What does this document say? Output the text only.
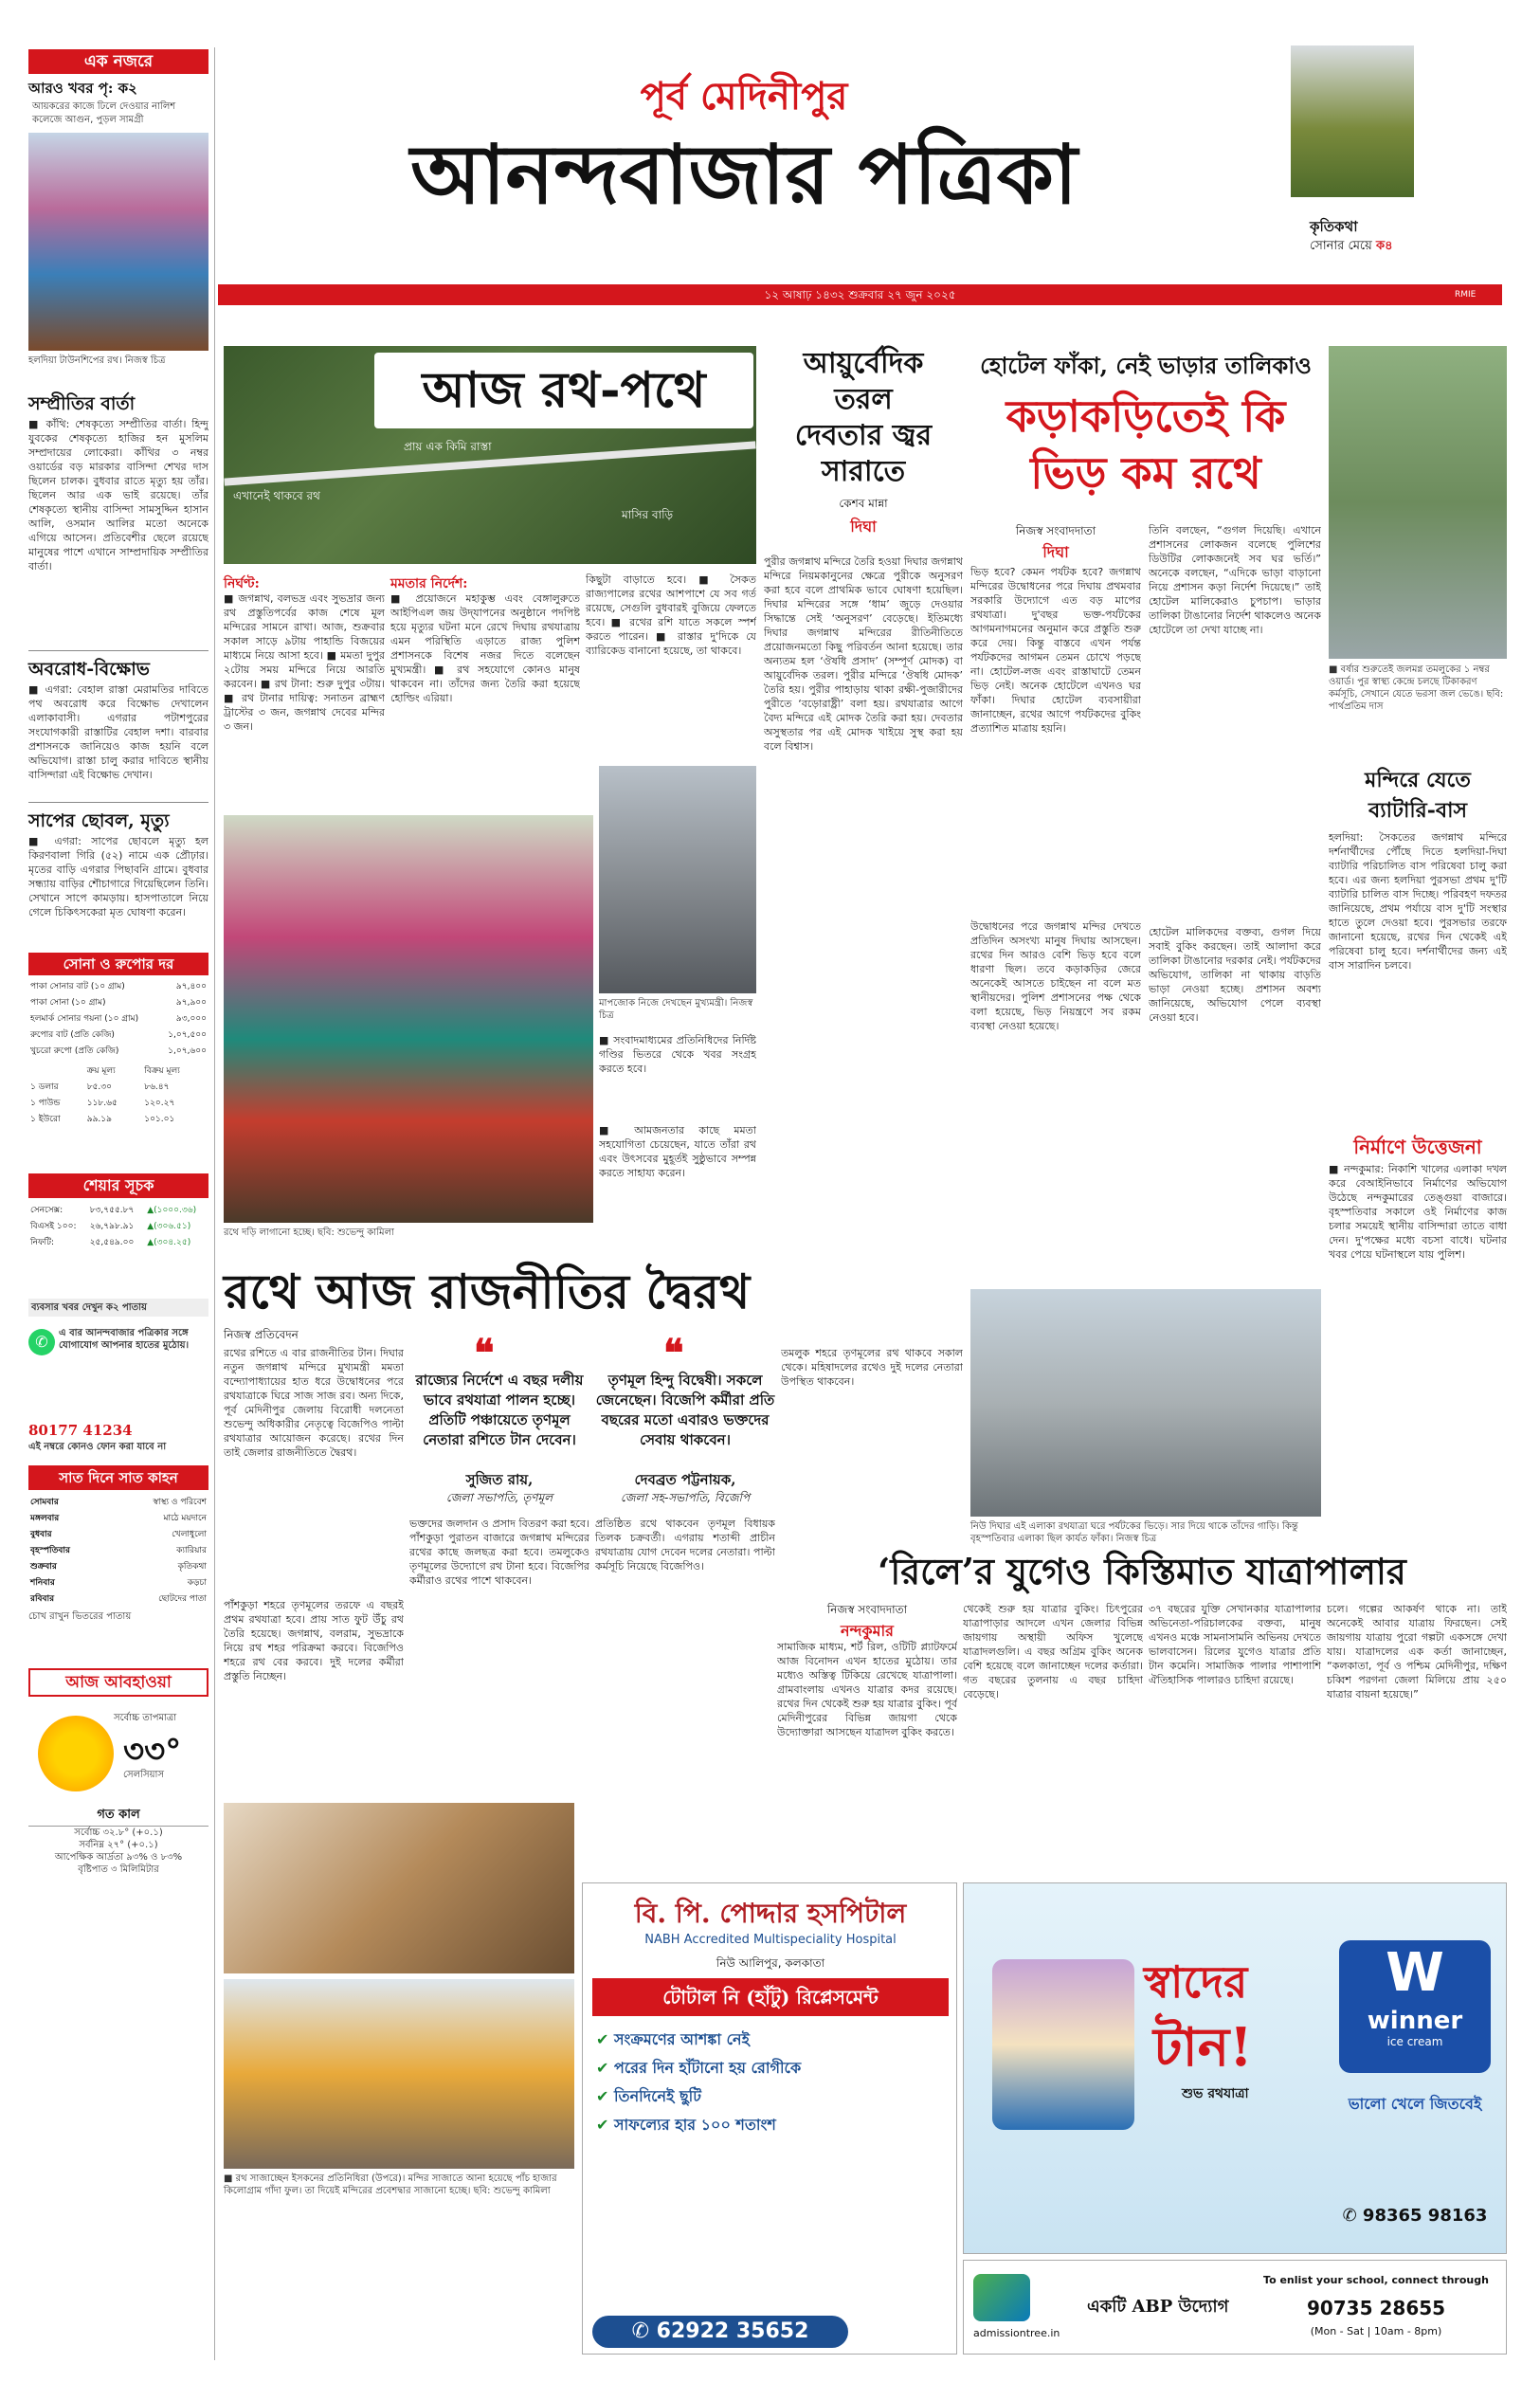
এক নজরে
আরও খবর পৃ: ক২
আয়করের কাজে ঢিলে দেওয়ার নালিশ
কলেজে আগুন, পুড়ল সামগ্রী
হলদিয়া টাউনশিপের রথ। নিজস্ব চিত্র
সম্প্রীতির বার্তা
■ কাঁথি: শেষকৃত্যে সম্প্রীতির বার্তা। হিন্দু যুবকের শেষকৃত্যে হাজির হন মুসলিম সম্প্রদায়ের লোকেরা। কাঁথির ৩ নম্বর ওয়ার্ডের বড় মারকার বাসিন্দা শেখর দাস ছিলেন চালক। বুধবার রাতে মৃত্যু হয় তাঁর। ছিলেন আর এক ভাই রয়েছে। তাঁর শেষকৃত্যে স্থানীয় বাসিন্দা সামসুদ্দিন হাসান আলি, ওসমান আলির মতো অনেকে এগিয়ে আসেন। প্রতিবেশীর ছেলে রয়েছে মানুষের পাশে এখানে সাম্প্রদায়িক সম্প্রীতির বার্তা।
অবরোধ-বিক্ষোভ
■ এগরা: বেহাল রাস্তা মেরামতির দাবিতে পথ অবরোধ করে বিক্ষোভ দেখালেন এলাকাবাসী। এগরার পটাশপুরের সংযোগকারী রাস্তাটির বেহাল দশা। বারবার প্রশাসনকে জানিয়েও কাজ হয়নি বলে অভিযোগ। রাস্তা চালু করার দাবিতে স্থানীয় বাসিন্দারা এই বিক্ষোভ দেখান।
সাপের ছোবল, মৃত্যু
■ এগরা: সাপের ছোবলে মৃত্যু হল কিরণবালা গিরি (৫২) নামে এক প্রৌঢ়ার। মৃতের বাড়ি এগরার পিছাবনি গ্রামে। বুধবার সন্ধ্যায় বাড়ির শৌচাগারে গিয়েছিলেন তিনি। সেখানে সাপে কামড়ায়। হাসপাতালে নিয়ে গেলে চিকিৎসকেরা মৃত ঘোষণা করেন।
সোনা ও রুপোর দর
পাকা সোনার বাট (১০ গ্রাম)	৯৭,৪০০
পাকা সোনা (১০ গ্রাম)	৯৭,৯০০
হলমার্ক সোনার গয়না (১০ গ্রাম)	৯৩,০০০
রুপোর বাট (প্রতি কেজি)	১,০৭,৫০০
খুচরো রুপো (প্রতি কেজি)	১,০৭,৬০০
	ক্রয় মূল্য	বিক্রয় মূল্য
১ ডলার	৮৫.৩০	৮৬.৪৭
১ পাউন্ড	১১৮.৬৫	১২০.২৭
১ ইউরো	৯৯.১৯	১০১.০১
শেয়ার সূচক
সেনসেক্স:	৮৩,৭৫৫.৮৭	▲(১০০০.৩৬)
বিএসই ১০০:	২৬,৭৯৮.৯১	▲(৩০৬.৫১)
নিফটি:	২৫,৫৪৯.০০	▲(৩০৪.২৫)
ব্যবসার খবর দেখুন ক২ পাতায়
✆	এ বার আনন্দবাজার পত্রিকার সঙ্গে যোগাযোগ আপনার হাতের মুঠোয়।
80177 41234
এই নম্বরে কোনও ফোন করা যাবে না
সাত দিনে সাত কাহন
সোমবার	স্বাস্থ্য ও পরিবেশ
মঙ্গলবার	মাঠে ময়দানে
বুধবার	খেলাধুলো
বৃহস্পতিবার	ক্যারিয়ার
শুক্রবার	কৃতিকথা
শনিবার	কড়চা
রবিবার	ছোটদের পাতা
চোখ রাখুন ভিতরের পাতায়
আজ আবহাওয়া
সর্বোচ্চ তাপমাত্রা
৩৩°
সেলসিয়াস
গত কাল
সর্বোচ্চ ৩২.৮° (+০.১)
সর্বনিম্ন ২৭° (+০.১)
আপেক্ষিক আর্দ্রতা ৯৩% ও ৮৩%
বৃষ্টিপাত ৩ মিলিমিটার
পূর্ব মেদিনীপুর
আনন্দবাজার পত্রিকা
কৃতিকথা
সোনার মেয়ে ক৪
১২ আষাঢ় ১৪৩২ শুক্রবার ২৭ জুন ২০২৫	RMIE
প্রায় এক কিমি রাস্তা
এখানেই থাকবে রথ
মাসির বাড়ি
আজ রথ-পথে
নির্ঘণ্ট:
■ জগন্নাথ, বলভদ্র এবং সুভদ্রার জন্য রথ প্রস্তুতিপর্বের কাজ শেষে মূল মন্দিরের সামনে রাখা। আজ, শুক্রবার সকাল সাড়ে ৯টায় পাহান্ডি বিজয়ের মাধ্যমে নিয়ে আসা হবে। ■ মমতা দুপুর ২টোয় সময় মন্দিরে নিয়ে আরতি করবেন। ■ রথ টানা: শুরু দুপুর ৩টায়। ■ রথ টানার দায়িত্ব: সনাতন ব্রাহ্মণ ট্রাস্টের ৩ জন, জগন্নাথ দেবের মন্দির ৩ জন।
মমতার নির্দেশ:
■ প্রয়োজনে মহাকুম্ভ এবং বেঙ্গালুরুতে আইপিএল জয় উদ্‌যাপনের অনুষ্ঠানে পদপিষ্ট হয়ে মৃত্যুর ঘটনা মনে রেখে দিঘায় রথযাত্রায় এমন পরিস্থিতি এড়াতে রাজ্য পুলিশ প্রশাসনকে বিশেষ নজর দিতে বলেছেন মুখ্যমন্ত্রী। ■ রথ সহযোগে কোনও মানুষ থাকবেন না। তাঁদের জন্য তৈরি করা হয়েছে হোল্ডিং এরিয়া।
কিছুটা বাড়াতে হবে। ■ সৈকত রাজ্যপালের রথের আশপাশে যে সব গর্ত রয়েছে, সেগুলি বুধবারই বুজিয়ে ফেলতে হবে। ■ রথের রশি যাতে সকলে স্পর্শ করতে পারেন। ■ রাস্তার দু'দিকে যে ব্যারিকেড বানানো হয়েছে, তা থাকবে।
রথে দড়ি লাগানো হচ্ছে। ছবি: শুভেন্দু কামিলা
মাপজোক নিজে দেখছেন মুখ্যমন্ত্রী। নিজস্ব চিত্র
■ সংবাদমাধ্যমের প্রতিনিধিদের নির্দিষ্ট গণ্ডির ভিতরে থেকে খবর সংগ্রহ করতে হবে।
■ আমজনতার কাছে মমতা সহযোগিতা চেয়েছেন, যাতে তাঁরা রথ এবং উৎসবের মুহূর্তই সুষ্ঠুভাবে সম্পন্ন করতে সাহায্য করেন।
আয়ুর্বেদিক
তরল
দেবতার জ্বর
সারাতে
কেশব মান্না
দিঘা
পুরীর জগন্নাথ মন্দিরে তৈরি হওয়া দিঘার জগন্নাথ মন্দিরে নিয়মকানুনের ক্ষেত্রে পুরীকে অনুসরণ করা হবে বলে প্রাথমিক ভাবে ঘোষণা হয়েছিল। দিঘার মন্দিরের সঙ্গে ‘ধাম’ জুড়ে দেওয়ার সিদ্ধান্তে সেই ‘অনুসরণ’ বেড়েছে। ইতিমধ্যে দিঘার জগন্নাথ মন্দিরের রীতিনীতিতে প্রয়োজনমতো কিছু পরিবর্তন আনা হয়েছে। তার অন্যতম হল ‘ঔষধি প্রসাদ’ (সম্পূর্ণ মোদক) বা আয়ুর্বেদিক তরল। পুরীর মন্দিরে ‘ঔষধি মোদক’ তৈরি হয়। পুরীর পাহাড়ায় থাকা রক্ষী-পুজারীদের পুরীতে ‘বড়োরাষ্ট্রী’ বলা হয়। রথযাত্রার আগে বৈদ্য মন্দিরে এই মোদক তৈরি করা হয়। দেবতার অসুস্থতার পর এই মোদক খাইয়ে সুস্থ করা হয় বলে বিশ্বাস।
হোটেল ফাঁকা, নেই ভাড়ার তালিকাও
কড়াকড়িতেই কি
ভিড় কম রথে
নিজস্ব সংবাদদাতা
দিঘা
ভিড় হবে? কেমন পর্যটক হবে? জগন্নাথ মন্দিরের উদ্বোধনের পরে দিঘায় প্রথমবার সরকারি উদ্যোগে এত বড় মাপের রথযাত্রা। দু'বছর ভক্ত-পর্যটকের আগমনাগমনের অনুমান করে প্রস্তুতি শুরু করে দেয়। কিন্তু বাস্তবে এখন পর্যন্ত পর্যটকদের আগমন তেমন চোখে পড়ছে না। হোটেল-লজ এবং রাস্তাঘাটে তেমন ভিড় নেই। অনেক হোটেলে এখনও ঘর ফাঁকা। দিঘার হোটেল ব্যবসায়ীরা জানাচ্ছেন, রথের আগে পর্যটকদের বুকিং প্রত্যাশিত মাত্রায় হয়নি।
উদ্বোধনের পরে জগন্নাথ মন্দির দেখতে প্রতিদিন অসংখ্য মানুষ দিঘায় আসছেন। রথের দিন আরও বেশি ভিড় হবে বলে ধারণা ছিল। তবে কড়াকড়ির জেরে অনেকেই আসতে চাইছেন না বলে মত স্থানীয়দের। পুলিশ প্রশাসনের পক্ষ থেকে বলা হয়েছে, ভিড় নিয়ন্ত্রণে সব রকম ব্যবস্থা নেওয়া হয়েছে।
তিনি বলছেন, “গুগল দিয়েছি। এখানে প্রশাসনের লোকজন বলেছে পুলিশের ডিউটির লোকজনেই সব ঘর ভর্তি।” অনেকে বলছেন, “এদিকে ভাড়া বাড়ানো নিয়ে প্রশাসন কড়া নির্দেশ দিয়েছে।” তাই হোটেল মালিকেরাও চুপচাপ। ভাড়ার তালিকা টাঙানোর নির্দেশ থাকলেও অনেক হোটেলে তা দেখা যাচ্ছে না।
হোটেল মালিকদের বক্তব্য, গুগল দিয়ে সবাই বুকিং করছেন। তাই আলাদা করে তালিকা টাঙানোর দরকার নেই। পর্যটকদের অভিযোগ, তালিকা না থাকায় বাড়তি ভাড়া নেওয়া হচ্ছে। প্রশাসন অবশ্য জানিয়েছে, অভিযোগ পেলে ব্যবস্থা নেওয়া হবে।
■ বর্ষার শুরুতেই জলমগ্ন তমলুকের ১ নম্বর ওয়ার্ড। পুর স্বাস্থ্য কেন্দ্রে চলছে টিকাকরণ কর্মসূচি, সেখানে যেতে ভরসা জল ভেঙে। ছবি: পার্থপ্রতিম দাস
মন্দিরে যেতে
ব্যাটারি-বাস
হলদিয়া: সৈকতের জগন্নাথ মন্দিরে দর্শনার্থীদের পৌঁছে দিতে হলদিয়া-দিঘা ব্যাটারি পরিচালিত বাস পরিষেবা চালু করা হবে। এর জন্য হলদিয়া পুরসভা প্রথম দু'টি ব্যাটারি চালিত বাস দিচ্ছে। পরিবহণ দফতর জানিয়েছে, প্রথম পর্যায়ে বাস দু'টি সংস্থার হাতে তুলে দেওয়া হবে। পুরসভার তরফে জানানো হয়েছে, রথের দিন থেকেই এই পরিষেবা চালু হবে। দর্শনার্থীদের জন্য এই বাস সারাদিন চলবে।
নির্মাণে উত্তেজনা
■ নন্দকুমার: নিকাশি খালের এলাকা দখল করে বেআইনিভাবে নির্মাণের অভিযোগ উঠেছে নন্দকুমারের তেঙ্গুয়া বাজারে। বৃহস্পতিবার সকালে ওই নির্মাণের কাজ চলার সময়েই স্থানীয় বাসিন্দারা তাতে বাধা দেন। দু'পক্ষের মধ্যে বচসা বাধে। ঘটনার খবর পেয়ে ঘটনাস্থলে যায় পুলিশ।
নিউ দিঘার এই এলাকা রথযাত্রা ঘরে পর্যটকের ভিড়ে। সার দিয়ে থাকে তাঁদের গাড়ি। কিন্তু বৃহস্পতিবার এলাকা ছিল কার্যত ফাঁকা। নিজস্ব চিত্র
রথে আজ রাজনীতির দ্বৈরথ
নিজস্ব প্রতিবেদন
রথের রশিতে এ বার রাজনীতির টান। দিঘার নতুন জগন্নাথ মন্দিরে মুখ্যমন্ত্রী মমতা বন্দ্যোপাধ্যায়ের হাত ধরে উদ্বোধনের পরে রথযাত্রাকে ঘিরে সাজ সাজ রব। অন্য দিকে, পূর্ব মেদিনীপুর জেলায় বিরোধী দলনেতা শুভেন্দু অধিকারীর নেতৃত্বে বিজেপিও পাল্টা রথযাত্রার আয়োজন করেছে। রথের দিন তাই জেলার রাজনীতিতে দ্বৈরথ।
পাঁশকুড়া শহরে তৃণমূলের তরফে এ বছরই প্রথম রথযাত্রা হবে। প্রায় সাত ফুট উঁচু রথ তৈরি হয়েছে। জগন্নাথ, বলরাম, সুভদ্রাকে নিয়ে রথ শহর পরিক্রমা করবে। বিজেপিও শহরে রথ বের করবে। দুই দলের কর্মীরা প্রস্তুতি নিচ্ছেন।
❝
রাজ্যের নির্দেশে এ বছর দলীয় ভাবে রথযাত্রা পালন হচ্ছে। প্রতিটি পঞ্চায়েতে তৃণমূল নেতারা রশিতে টান দেবেন।
সুজিত রায়,
জেলা সভাপতি, তৃণমূল
❝
তৃণমূল হিন্দু বিদ্বেষী। সকলে জেনেছেন। বিজেপি কর্মীরা প্রতি বছরের মতো এবারও ভক্তদের সেবায় থাকবেন।
দেবব্রত পট্টনায়ক,
জেলা সহ-সভাপতি, বিজেপি
ভক্তদের জলদান ও প্রসাদ বিতরণ করা হবে। পাঁশকুড়া পুরাতন বাজারে জগন্নাথ মন্দিরের রথের কাছে জলছত্র করা হবে। তমলুকেও তৃণমূলের উদ্যোগে রথ টানা হবে। বিজেপির কর্মীরাও রথের পাশে থাকবেন।
প্রতিষ্ঠিত রথে থাকবেন তৃণমূল বিধায়ক তিলক চক্রবর্তী। এগরায় শতাব্দী প্রাচীন রথযাত্রায় যোগ দেবেন দলের নেতারা। পাল্টা কর্মসূচি নিয়েছে বিজেপিও।
তমলুক শহরে তৃণমূলের রথ থাকবে সকাল থেকে। মহিষাদলের রথেও দুই দলের নেতারা উপস্থিত থাকবেন।
■ রথ সাজাচ্ছেন ইসকনের প্রতিনিধিরা (উপরে)। মন্দির সাজাতে আনা হয়েছে পাঁচ হাজার কিলোগ্রাম গাঁদা ফুল। তা দিয়েই মন্দিরের প্রবেশদ্বার সাজানো হচ্ছে। ছবি: শুভেন্দু কামিলা
‘রিলে’র যুগেও কিস্তিমাত যাত্রাপালার
নিজস্ব সংবাদদাতা
নন্দকুমার
সামাজিক মাধ্যম, শর্ট রিল, ওটিটি প্ল্যাটফর্মে আজ বিনোদন এখন হাতের মুঠোয়। তার মধ্যেও অস্তিত্ব টিকিয়ে রেখেছে যাত্রাপালা। গ্রামবাংলায় এখনও যাত্রার কদর রয়েছে। রথের দিন থেকেই শুরু হয় যাত্রার বুকিং। পূর্ব মেদিনীপুরের বিভিন্ন জায়গা থেকে উদ্যোক্তারা আসছেন যাত্রাদল বুকিং করতে।
থেকেই শুরু হয় যাত্রার বুকিং। চিৎপুরের যাত্রাপাড়ার আদলে এখন জেলার বিভিন্ন জায়গায় অস্থায়ী অফিস খুলেছে যাত্রাদলগুলি। এ বছর অগ্রিম বুকিং অনেক বেশি হয়েছে বলে জানাচ্ছেন দলের কর্তারা। গত বছরের তুলনায় এ বছর চাহিদা বেড়েছে।
৩৭ বছরের যুক্তি সেখানকার যাত্রাপালার অভিনেতা-পরিচালকের বক্তব্য, মানুষ এখনও মঞ্চে সামনাসামনি অভিনয় দেখতে ভালবাসেন। রিলের যুগেও যাত্রার প্রতি টান কমেনি। সামাজিক পালার পাশাপাশি ঐতিহাসিক পালারও চাহিদা রয়েছে।
চলে। গল্পের আকর্ষণ থাকে না। তাই অনেকেই আবার যাত্রায় ফিরছেন। সেই জায়গায় যাত্রায় পুরো গল্পটা একসঙ্গে দেখা যায়। যাত্রাদলের এক কর্তা জানাচ্ছেন, “কলকাতা, পূর্ব ও পশ্চিম মেদিনীপুর, দক্ষিণ চব্বিশ পরগনা জেলা মিলিয়ে প্রায় ২৫০ যাত্রার বায়না হয়েছে।”
বি. পি. পোদ্দার হসপিটাল
NABH Accredited Multispeciality Hospital
নিউ আলিপুর, কলকাতা
টোটাল নি (হাঁটু) রিপ্লেসমেন্ট
✔ সংক্রমণের আশঙ্কা নেই
✔ পরের দিন হাঁটানো হয় রোগীকে
✔ তিনদিনেই ছুটি
✔ সাফল্যের হার ১০০ শতাংশ
✆ 62922 35652
স্বাদের
টান!
শুভ রথযাত্রা
W
winner
ice cream
ভালো খেলে জিতবেই
✆ 98365 98163
admissiontree.in
একটি ABP উদ্যোগ
To enlist your school, connect through
90735 28655
(Mon - Sat | 10am - 8pm)
